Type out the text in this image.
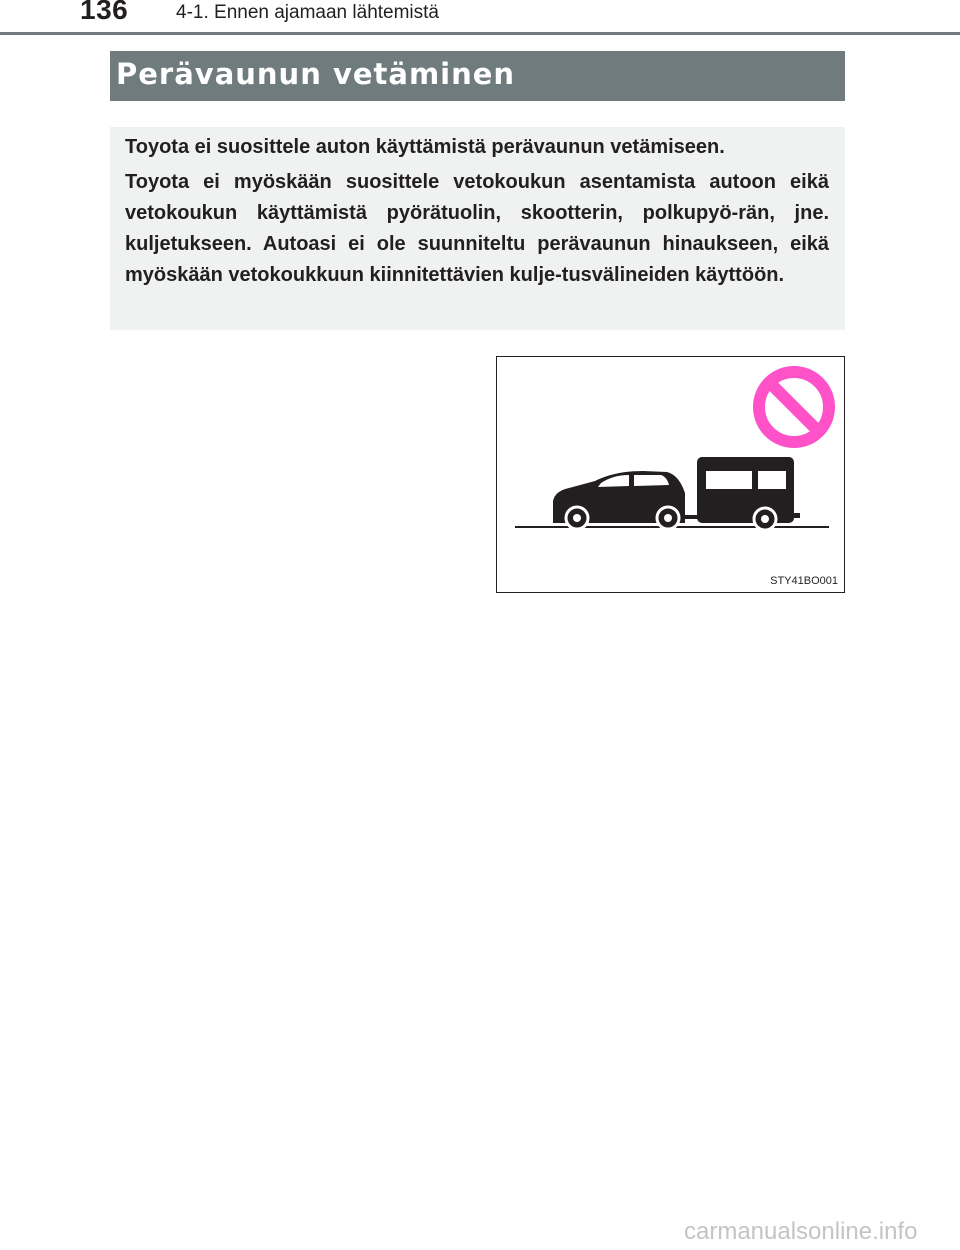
136	4-1. Ennen ajamaan lähtemistä
Perävaunun vetäminen

Toyota ei suosittele auton käyttämistä perävaunun vetämiseen.

Toyota ei myöskään suosittele vetokoukun asentamista autoon eikä vetokoukun käyttämistä pyörätuolin, skootterin, polkupyö-rän, jne. kuljetukseen. Autoasi ei ole suunniteltu perävaunun hinaukseen, eikä myöskään vetokoukkuun kiinnitettävien kulje-tusvälineiden käyttöön.

STY41BO001
carmanualsonline.info
